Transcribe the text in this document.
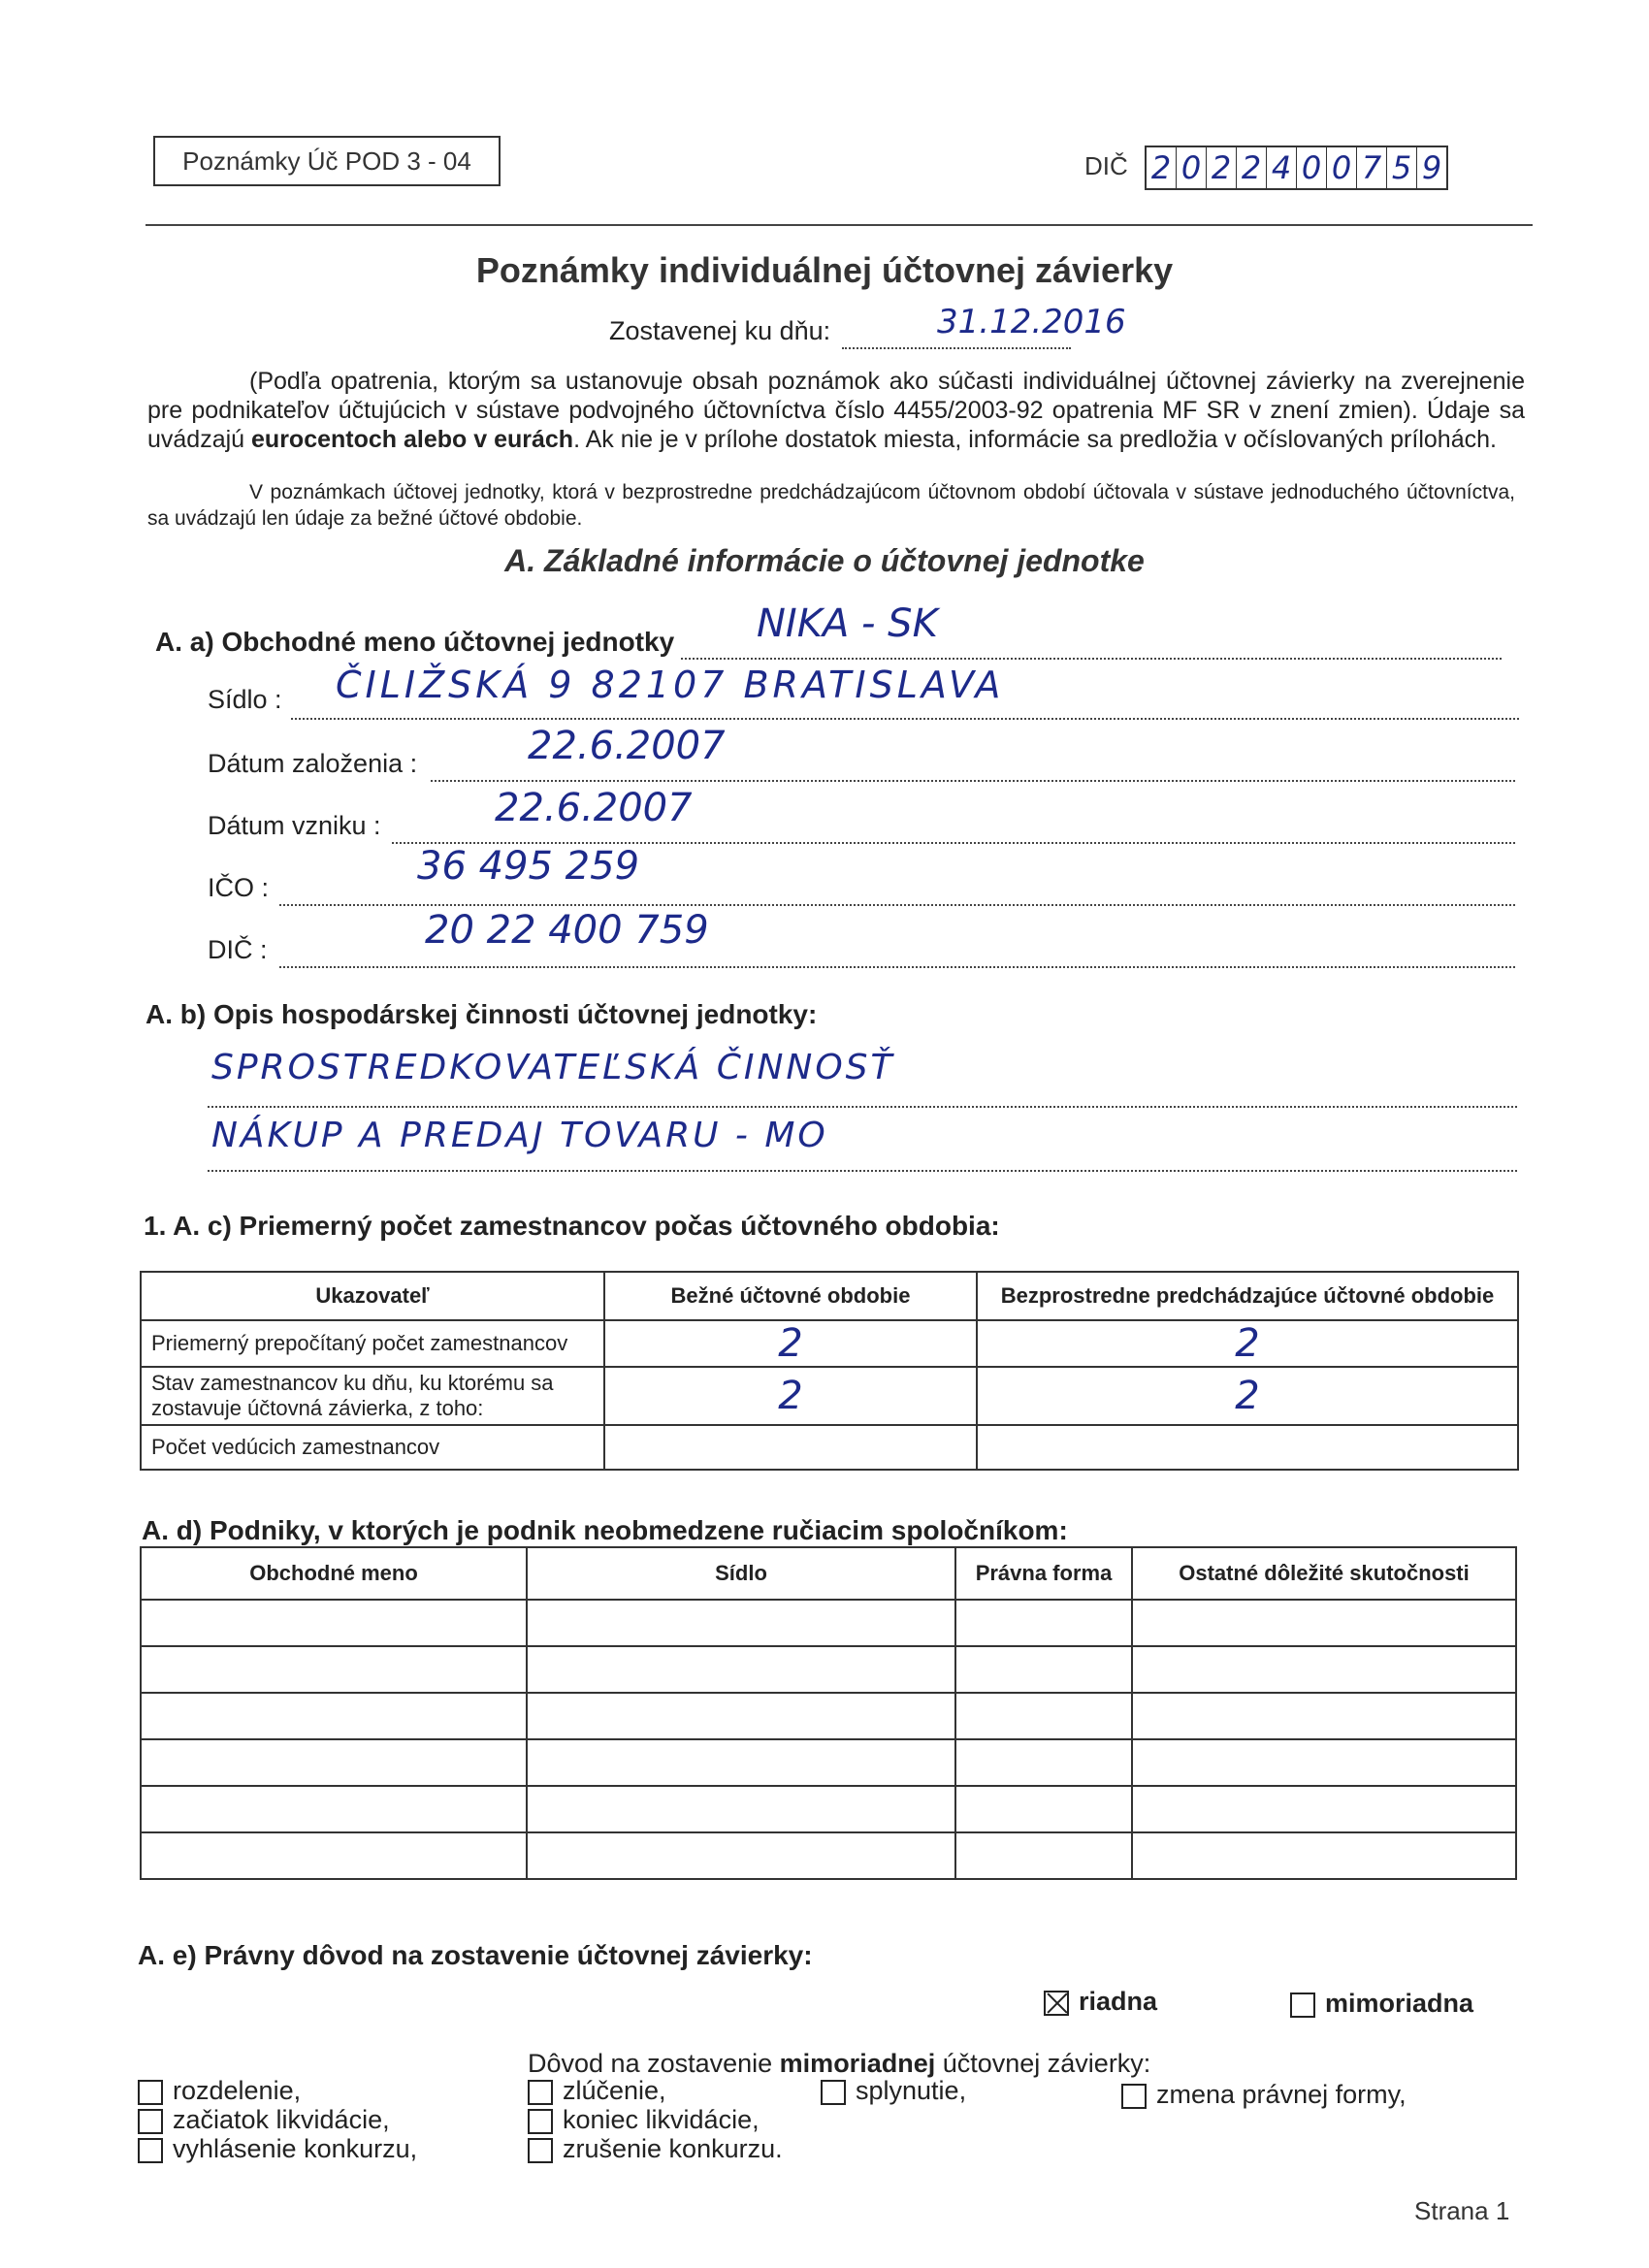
Poznámky Úč POD 3 - 04	DIČ 2 0 2 2 4 0 0 7 5 9
Poznámky individuálnej účtovnej závierky
Zostavenej ku dňu:	31.12.2016
(Podľa opatrenia, ktorým sa ustanovuje obsah poznámok ako súčasti individuálnej účtovnej závierky na zverejnenie pre podnikateľov účtujúcich v sústave podvojného účtovníctva číslo 4455/2003-92 opatrenia MF SR v znení zmien). Údaje sa uvádzajú eurocentoch alebo v eurách. Ak nie je v prílohe dostatok miesta, informácie sa predložia v očíslovaných prílohách.
V poznámkach účtovej jednotky, ktorá v bezprostredne predchádzajúcom účtovnom období účtovala v sústave jednoduchého účtovníctva, sa uvádzajú len údaje za bežné účtové obdobie.
A. Základné informácie o účtovnej jednotke
A. a) Obchodné meno účtovnej jednotky NIKA - SK
Sídlo : ČILIŽSKÁ 9 82107 BRATISLAVA
Dátum založenia :	22.6.2007
Dátum vzniku :	22.6.2007
IČO :	36 495 259
DIČ :	20 22 400 759
A. b) Opis hospodárskej činnosti účtovnej jednotky:
SPROSTREDKOVATEĽSKÁ ČINNOSŤ
NÁKUP A PREDAJ TOVARU - MO
1. A. c) Priemerný počet zamestnancov počas účtovného obdobia:
Ukazovateľ	Bežné účtovné obdobie	Bezprostredne predchádzajúce účtovné obdobie
Priemerný prepočítaný počet zamestnancov	2	2
Stav zamestnancov ku dňu, ku ktorému sa zostavuje účtovná závierka, z toho:	2	2
Počet vedúcich zamestnancov		
A. d) Podniky, v ktorých je podnik neobmedzene ručiacim spoločníkom:
Obchodné meno	Sídlo	Právna forma	Ostatné dôležité skutočnosti

A. e) Právny dôvod na zostavenie účtovnej závierky:
riadna	mimoriadna
Dôvod na zostavenie mimoriadnej účtovnej závierky:
rozdelenie,
začiatok likvidácie,
vyhlásenie konkurzu,
zlúčenie,
koniec likvidácie,
zrušenie konkurzu.
splynutie,	zmena právnej formy,
Strana 1
